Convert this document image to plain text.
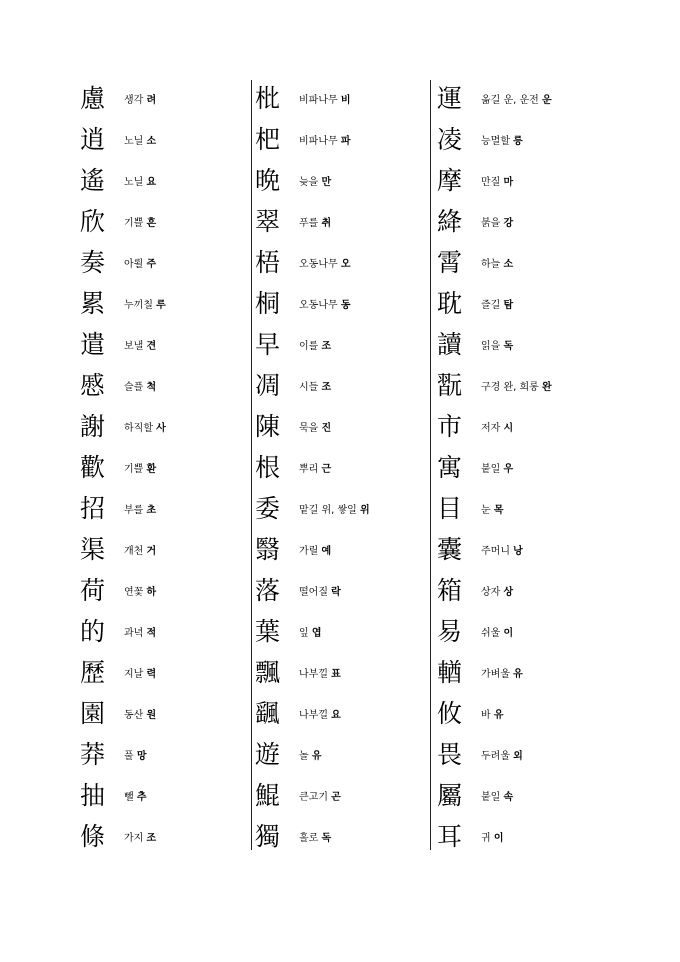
慮	생각 려
逍	노닐 소
遙	노닐 요
欣	기쁠 흔
奏	아뢸 주
累	누끼칠 루
遣	보낼 견
慼	슬플 척
謝	하직할 사
歡	기쁠 환
招	부를 초
渠	개천 거
荷	연꽃 하
的	과녁 적
歷	지날 력
園	동산 원
莽	풀 망
抽	뺄 추
條	가지 조
枇	비파나무 비
杷	비파나무 파
晩	늦을 만
翠	푸를 취
梧	오동나무 오
桐	오동나무 동
早	이를 조
凋	시들 조
陳	묵을 진
根	뿌리 근
委	맡길 위, 쌓일 위
翳	가릴 예
落	떨어질 락
葉	잎 엽
飄	나부낄 표
颻	나부낄 요
遊	놀 유
鯤	큰고기 곤
獨	홀로 독
運	옮길 운, 운전 운
凌	능멸할 릉
摩	만질 마
絳	붉을 강
霄	하늘 소
耽	즐길 탐
讀	읽을 독
翫	구경 완, 희롱 완
市	저자 시
寓	붙일 우
目	눈 목
囊	주머니 낭
箱	상자 상
易	쉬울 이
輶	가벼울 유
攸	바 유
畏	두려울 외
屬	붙일 속
耳	귀 이
